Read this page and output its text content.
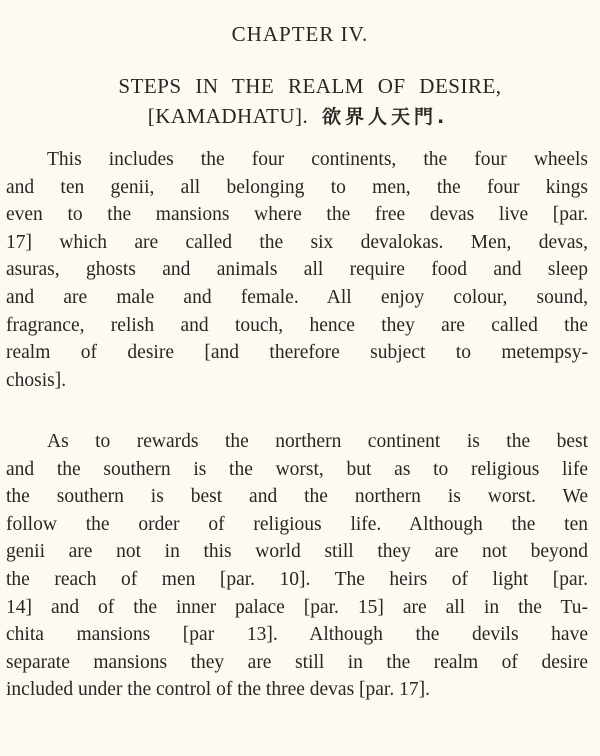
CHAPTER IV.
STEPS IN THE REALM OF DESIRE,
[KAMADHATU]. 欲界人天門.
This includes the four continents, the four wheels
and ten genii, all belonging to men, the four kings
even to the mansions where the free devas live [par.
17] which are called the six devalokas. Men, devas,
asuras, ghosts and animals all require food and sleep
and are male and female. All enjoy colour, sound,
fragrance, relish and touch, hence they are called the
realm of desire [and therefore subject to metempsy-
chosis].
As to rewards the northern continent is the best
and the southern is the worst, but as to religious life
the southern is best and the northern is worst. We
follow the order of religious life. Although the ten
genii are not in this world still they are not beyond
the reach of men [par. 10]. The heirs of light [par.
14] and of the inner palace [par. 15] are all in the Tu-
chita mansions [par 13]. Although the devils have
separate mansions they are still in the realm of desire
included under the control of the three devas [par. 17].
